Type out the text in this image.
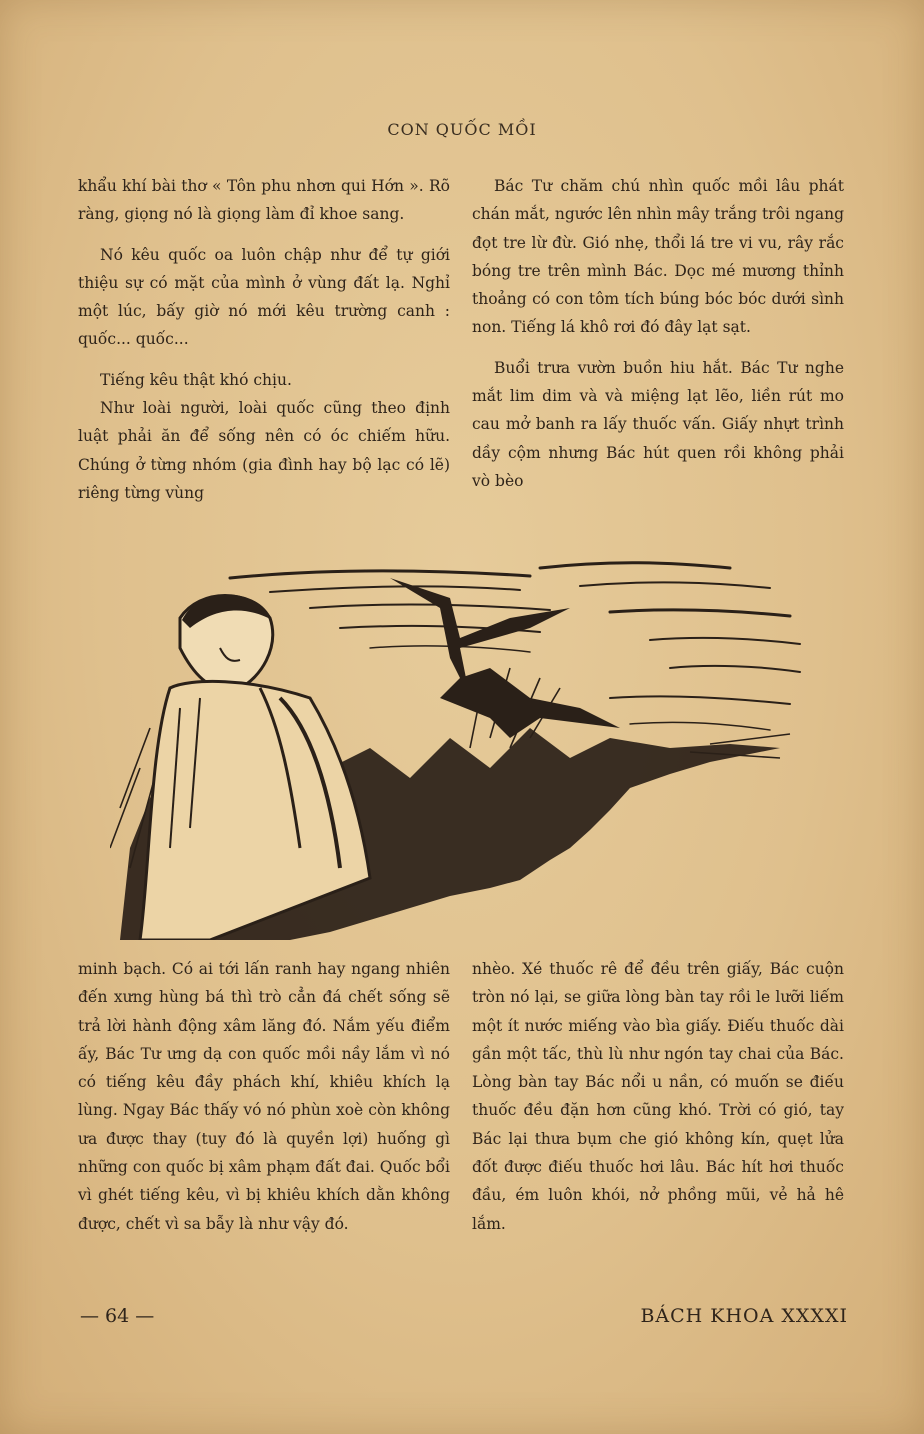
CON QUỐC MỒI

khẩu khí bài thơ « Tôn phu nhơn qui Hớn ». Rõ ràng, giọng nó là giọng làm đỉ khoe sang.

Nó kêu quốc oa luôn chập như để tự giới thiệu sự có mặt của mình ở vùng đất lạ. Nghỉ một lúc, bấy giờ nó mới kêu trường canh : quốc... quốc...

Tiếng kêu thật khó chịu.

Như loài người, loài quốc cũng theo định luật phải ăn để sống nên có óc chiếm hữu. Chúng ở từng nhóm (gia đình hay bộ lạc có lẽ) riêng từng vùng

Bác Tư chăm chú nhìn quốc mồi lâu phát chán mắt, ngước lên nhìn mây trắng trôi ngang đọt tre lừ đừ. Gió nhẹ, thổi lá tre vi vu, rây rắc bóng tre trên mình Bác. Dọc mé mương thỉnh thoảng có con tôm tích búng bóc bóc dưới sình non. Tiếng lá khô rơi đó đây lạt sạt.

Buổi trưa vườn buồn hiu hắt. Bác Tư nghe mắt lim dim và và miệng lạt lẽo, liền rút mo cau mở banh ra lấy thuốc vấn. Giấy nhựt trình dầy cộm nhưng Bác hút quen rồi không phải vò bèo

minh bạch. Có ai tới lấn ranh hay ngang nhiên đến xưng hùng bá thì trò cẳn đá chết sống sẽ trả lời hành động xâm lăng đó. Nắm yếu điểm ấy, Bác Tư ưng dạ con quốc mồi nầy lắm vì nó có tiếng kêu đầy phách khí, khiêu khích lạ lùng. Ngay Bác thấy vó nó phùn xoè còn không ưa được thay (tuy đó là quyền lợi) huống gì những con quốc bị xâm phạm đất đai. Quốc bổi vì ghét tiếng kêu, vì bị khiêu khích dằn không được, chết vì sa bẫy là như vậy đó.

nhèo. Xé thuốc rê để đều trên giấy, Bác cuộn tròn nó lại, se giữa lòng bàn tay rồi le lưỡi liếm một ít nước miếng vào bìa giấy. Điếu thuốc dài gần một tấc, thù lù như ngón tay chai của Bác. Lòng bàn tay Bác nổi u nần, có muốn se điếu thuốc đều đặn hơn cũng khó. Trời có gió, tay Bác lại thưa bụm che gió không kín, quẹt lửa đốt được điếu thuốc hơi lâu. Bác hít hơi thuốc đầu, ém luôn khói, nở phồng mũi, vẻ hả hê lắm.

— 64 —	BÁCH KHOA XXXXI
